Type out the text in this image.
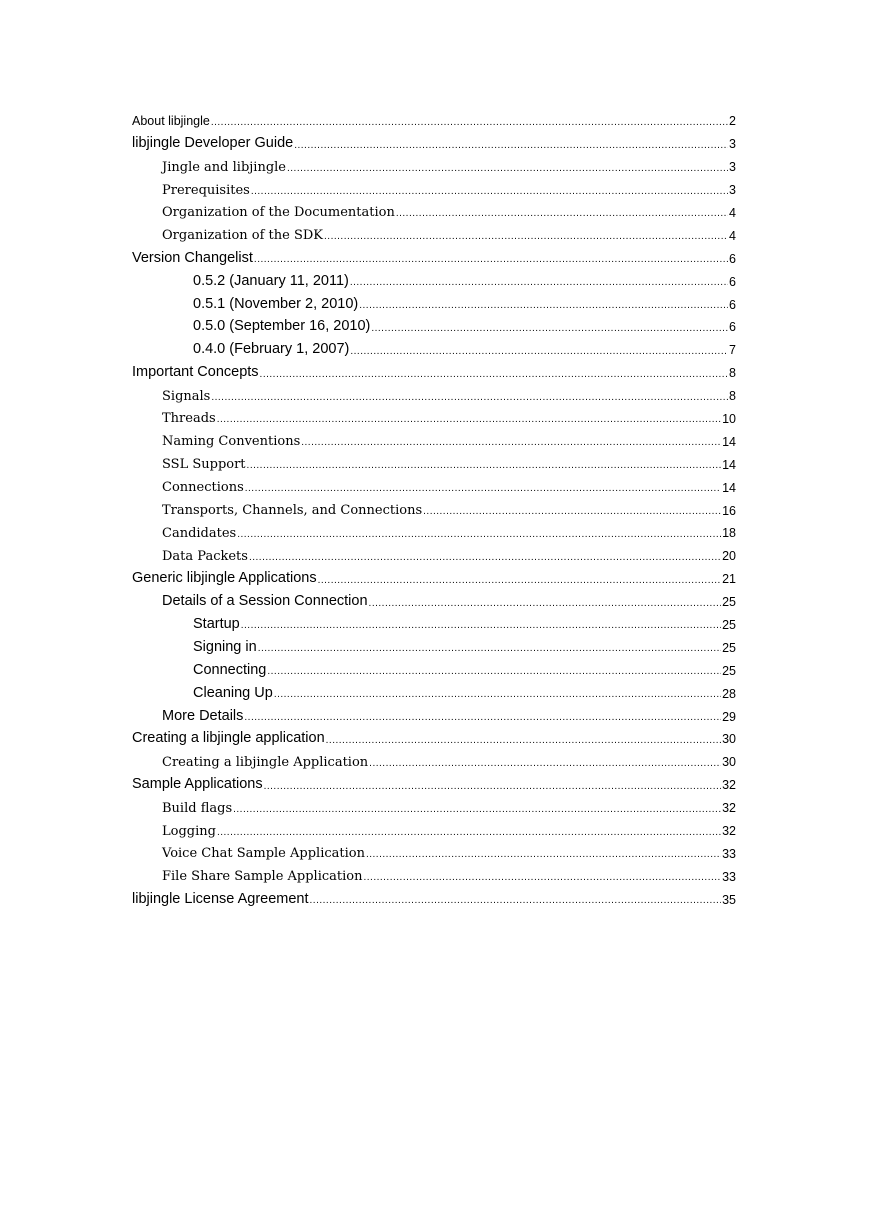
About libjingle .....	2
libjingle Developer Guide .....	3
Jingle and libjingle .....	3
Prerequisites .....	3
Organization of the Documentation .....	4
Organization of the SDK .....	4
Version Changelist .....	6
0.5.2 (January 11, 2011) .....	6
0.5.1 (November 2, 2010) .....	6
0.5.0 (September 16, 2010) .....	6
0.4.0 (February 1, 2007) .....	7
Important Concepts .....	8
Signals .....	8
Threads .....	10
Naming Conventions .....	14
SSL Support .....	14
Connections .....	14
Transports, Channels, and Connections .....	16
Candidates .....	18
Data Packets .....	20
Generic libjingle Applications .....	21
Details of a Session Connection .....	25
Startup .....	25
Signing in .....	25
Connecting .....	25
Cleaning Up .....	28
More Details .....	29
Creating a libjingle application .....	30
Creating a libjingle Application .....	30
Sample Applications .....	32
Build flags .....	32
Logging .....	32
Voice Chat Sample Application .....	33
File Share Sample Application .....	33
libjingle License Agreement .....	35
